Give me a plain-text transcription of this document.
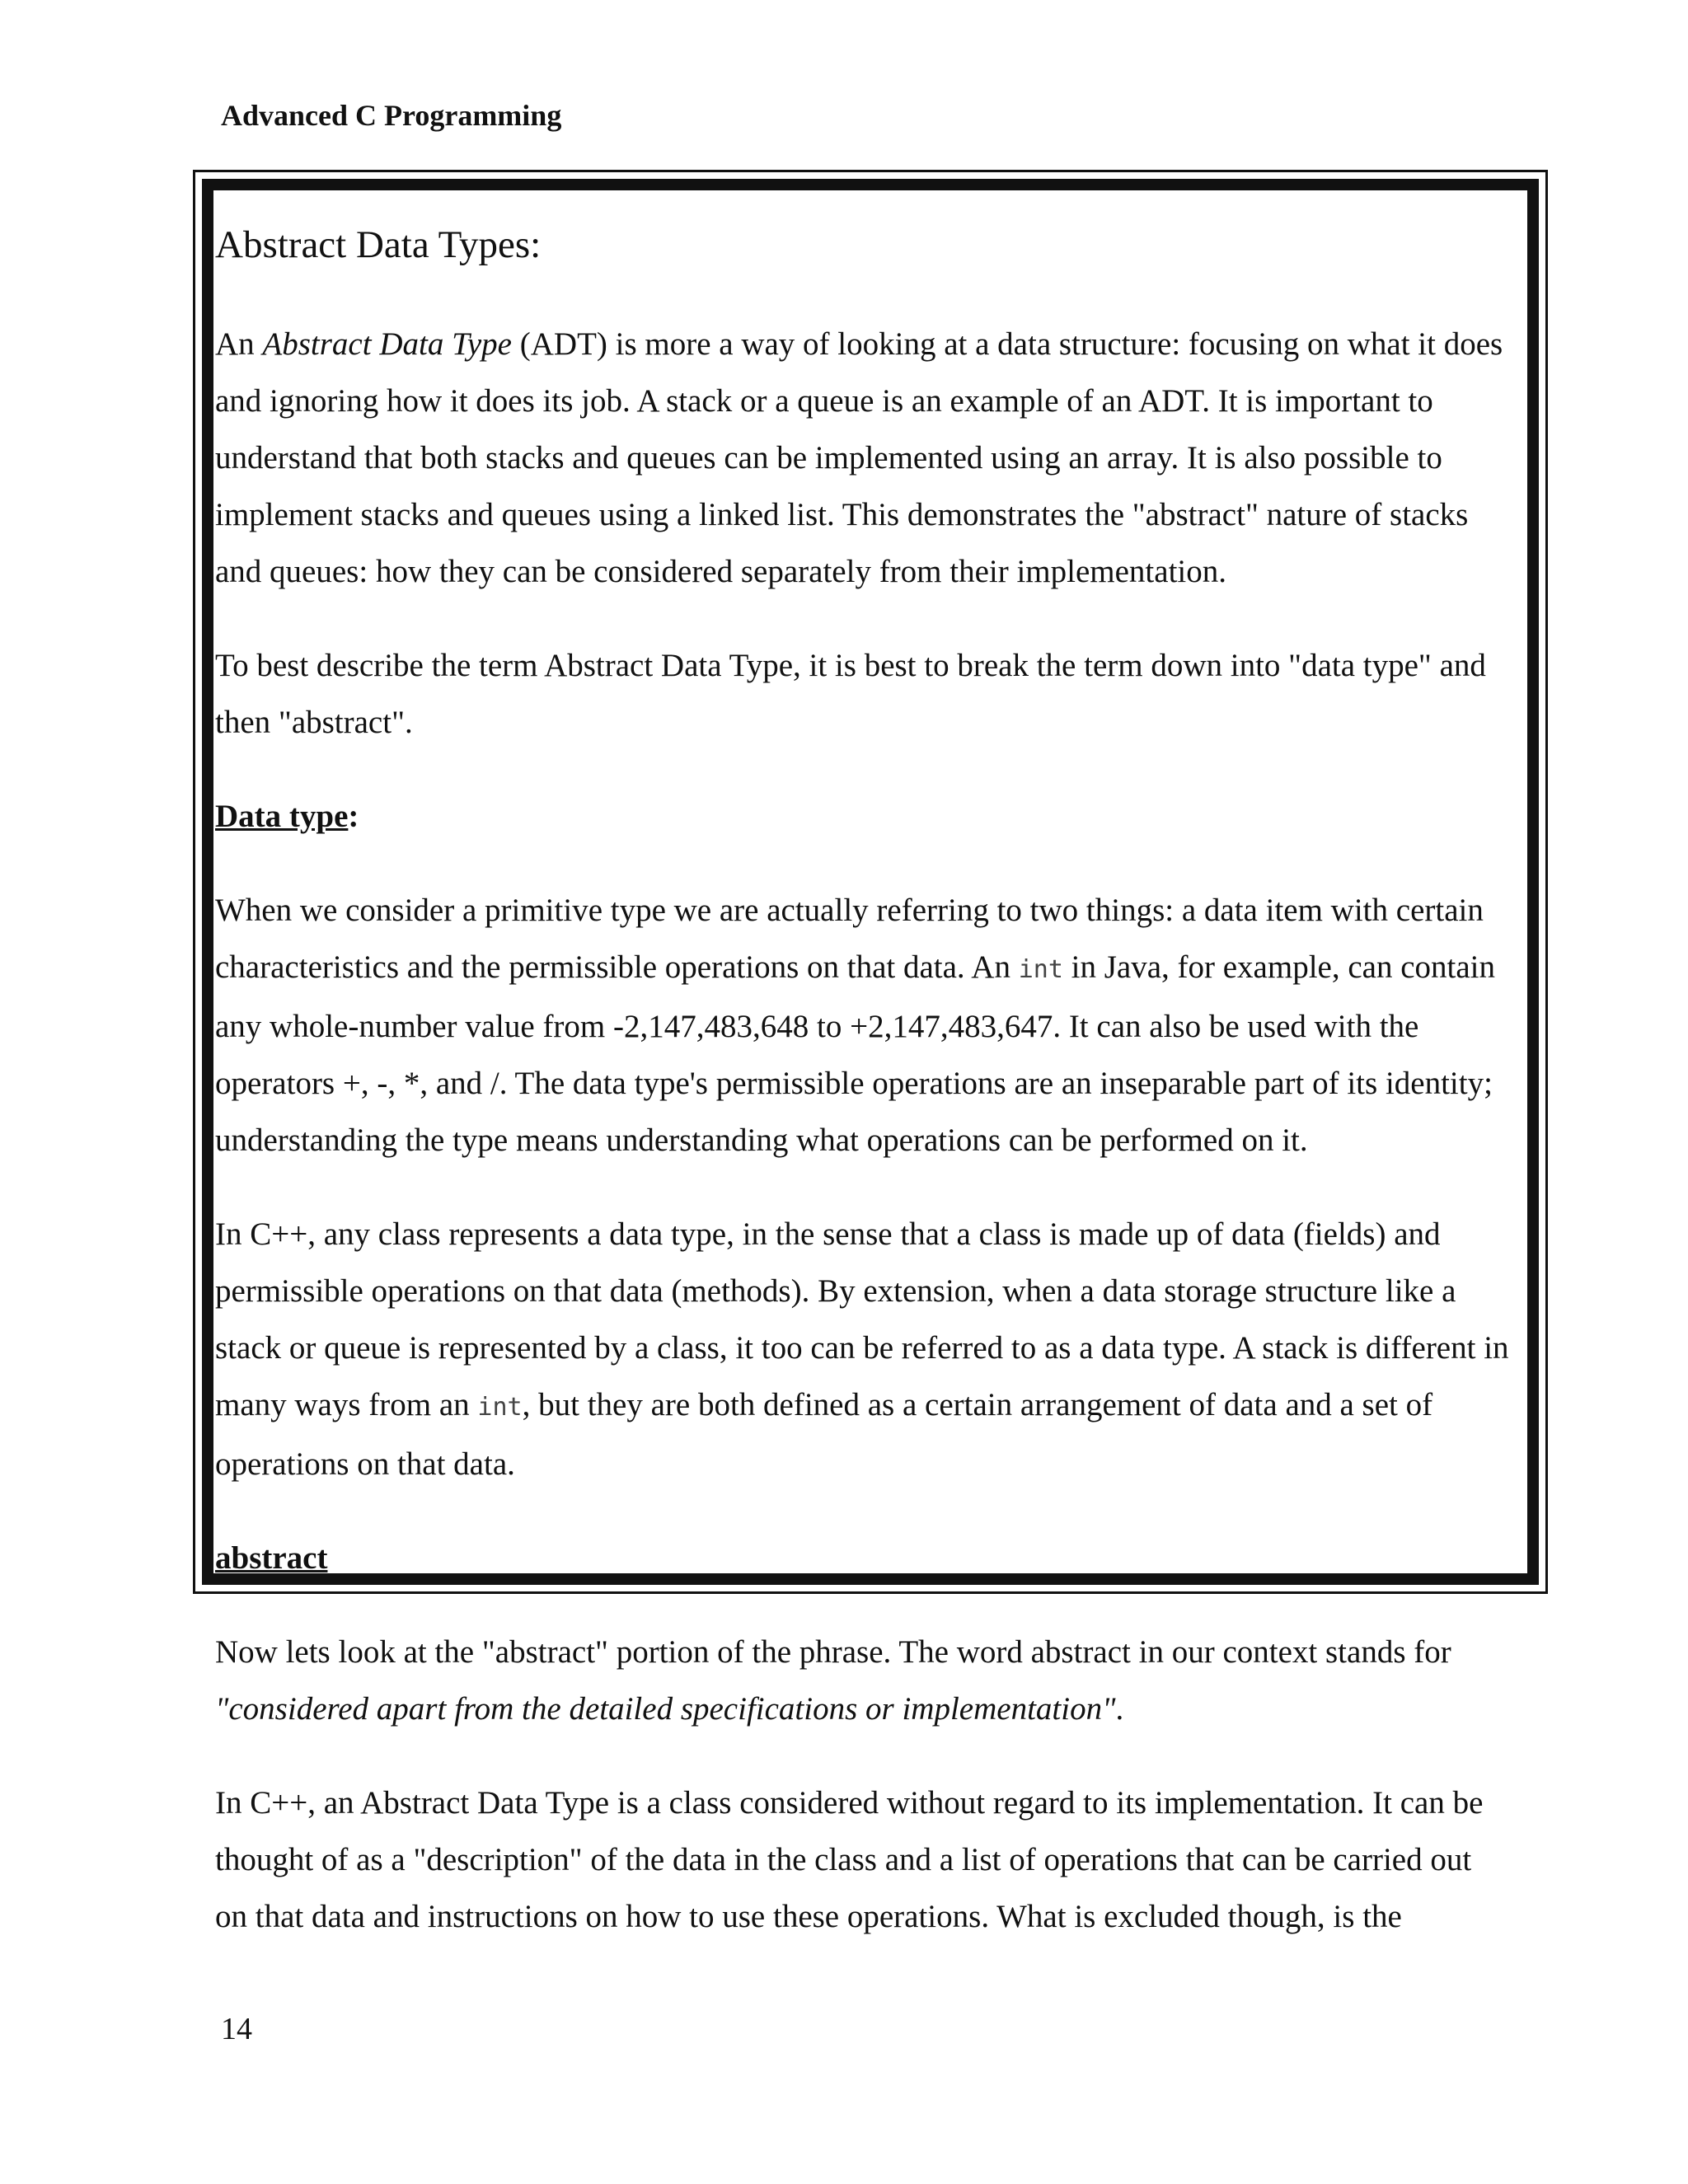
Advanced C Programming

Abstract Data Types:

An Abstract Data Type (ADT) is more a way of looking at a data structure: focusing on what it does and ignoring how it does its job. A stack or a queue is an example of an ADT. It is important to understand that both stacks and queues can be implemented using an array. It is also possible to implement stacks and queues using a linked list. This demonstrates the "abstract" nature of stacks and queues: how they can be considered separately from their implementation.

To best describe the term Abstract Data Type, it is best to break the term down into "data type" and then "abstract".

Data type:

When we consider a primitive type we are actually referring to two things: a data item with certain characteristics and the permissible operations on that data. An int in Java, for example, can contain any whole-number value from -2,147,483,648 to +2,147,483,647. It can also be used with the operators +, -, *, and /. The data type's permissible operations are an inseparable part of its identity; understanding the type means understanding what operations can be performed on it.

In C++, any class represents a data type, in the sense that a class is made up of data (fields) and permissible operations on that data (methods). By extension, when a data storage structure like a stack or queue is represented by a class, it too can be referred to as a data type. A stack is different in many ways from an int, but they are both defined as a certain arrangement of data and a set of operations on that data.

abstract

Now lets look at the "abstract" portion of the phrase. The word abstract in our context stands for "considered apart from the detailed specifications or implementation".

In C++, an Abstract Data Type is a class considered without regard to its implementation. It can be thought of as a "description" of the data in the class and a list of operations that can be carried out on that data and instructions on how to use these operations. What is excluded though, is the

14
